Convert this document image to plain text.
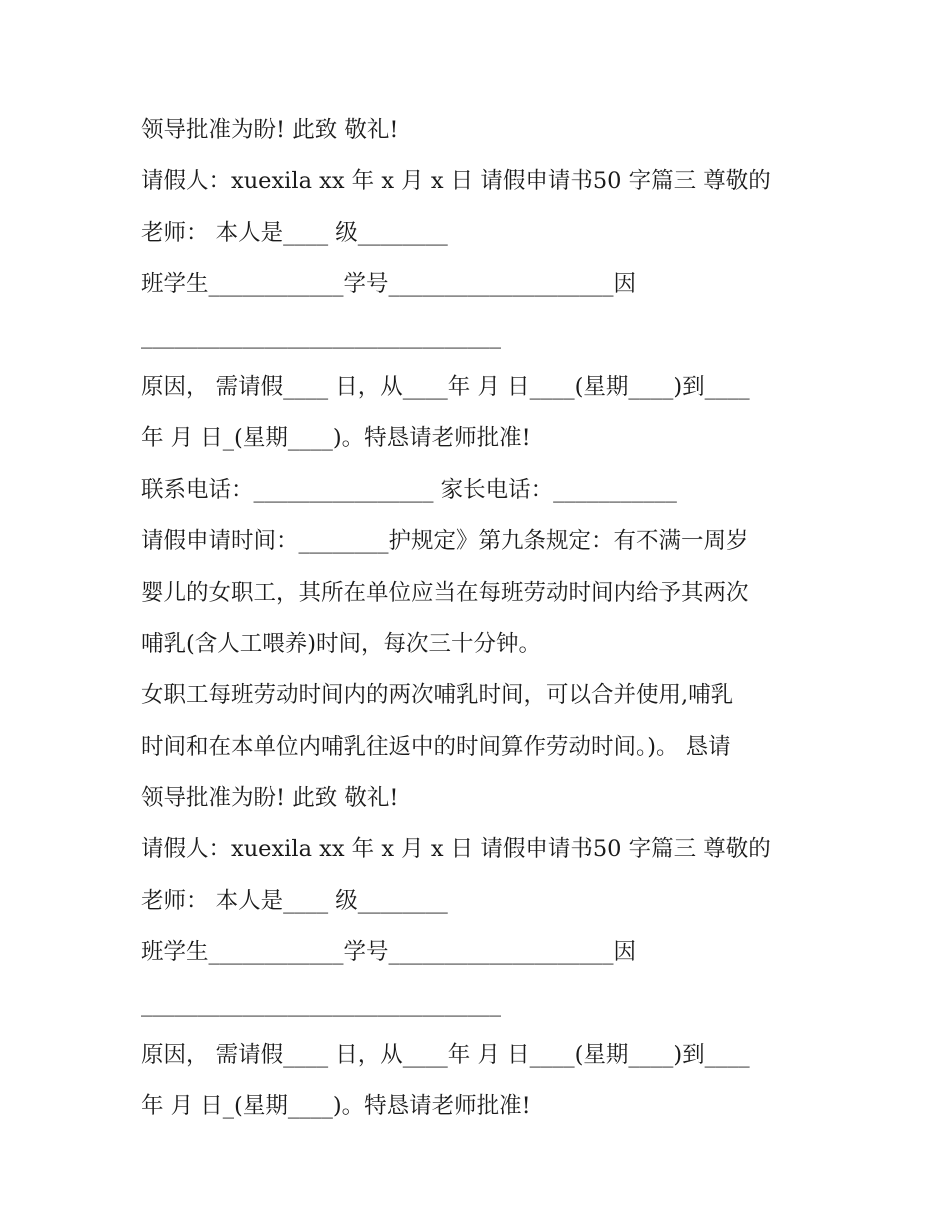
领导批准为盼! 此致 敬礼!
请假人：xuexila xx 年 x 月 x 日 请假申请书50 字篇三 尊敬的
老师： 本人是____ 级________
班学生____________学号____________________因
________________________________
原因， 需请假____ 日，从____年 月 日____(星期____)到____
年 月 日_(星期____)。特恳请老师批准!
联系电话：________________ 家长电话：___________
请假申请时间：________护规定》第九条规定：有不满一周岁
婴儿的女职工，其所在单位应当在每班劳动时间内给予其两次
哺乳(含人工喂养)时间，每次三十分钟。
女职工每班劳动时间内的两次哺乳时间，可以合并使用,哺乳
时间和在本单位内哺乳往返中的时间算作劳动时间。)。 恳请
领导批准为盼! 此致 敬礼!
请假人：xuexila xx 年 x 月 x 日 请假申请书50 字篇三 尊敬的
老师： 本人是____ 级________
班学生____________学号____________________因
________________________________
原因， 需请假____ 日，从____年 月 日____(星期____)到____
年 月 日_(星期____)。特恳请老师批准!
